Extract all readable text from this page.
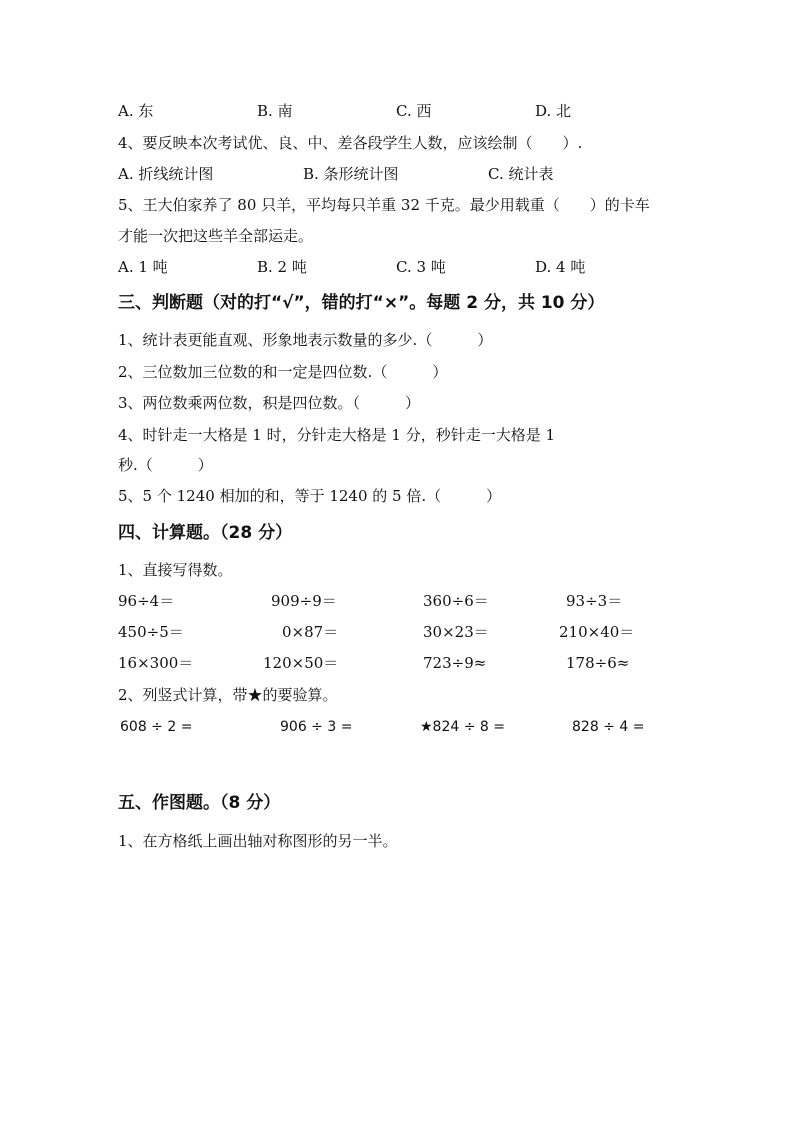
A. 东	B. 南	C. 西	D. 北
4、要反映本次考试优、良、中、差各段学生人数，应该绘制（　　）.
A. 折线统计图	B. 条形统计图	C. 统计表
5、王大伯家养了 80 只羊，平均每只羊重 32 千克。最少用载重（　　）的卡车
才能一次把这些羊全部运走。
A. 1 吨	B. 2 吨	C. 3 吨	D. 4 吨
三、判断题（对的打“√”，错的打“×”。每题 2 分，共 10 分）
1、统计表更能直观、形象地表示数量的多少.（　　　）
2、三位数加三位数的和一定是四位数.（　　　）
3、两位数乘两位数，积是四位数。（　　　）
4、时针走一大格是 1 时，分针走大格是 1 分，秒针走一大格是 1
秒.（　　　）
5、5 个 1240 相加的和，等于 1240 的 5 倍.（　　　）
四、计算题。（28 分）
1、直接写得数。
96÷4＝	909÷9＝	360÷6＝	93÷3＝
450÷5＝	0×87＝	30×23＝	210×40＝
16×300＝	120×50＝	723÷9≈	178÷6≈
2、列竖式计算，带★的要验算。
608 ÷ 2 =	906 ÷ 3 =	★824 ÷ 8 =	828 ÷ 4 =
五、作图题。（8 分）
1、在方格纸上画出轴对称图形的另一半。
